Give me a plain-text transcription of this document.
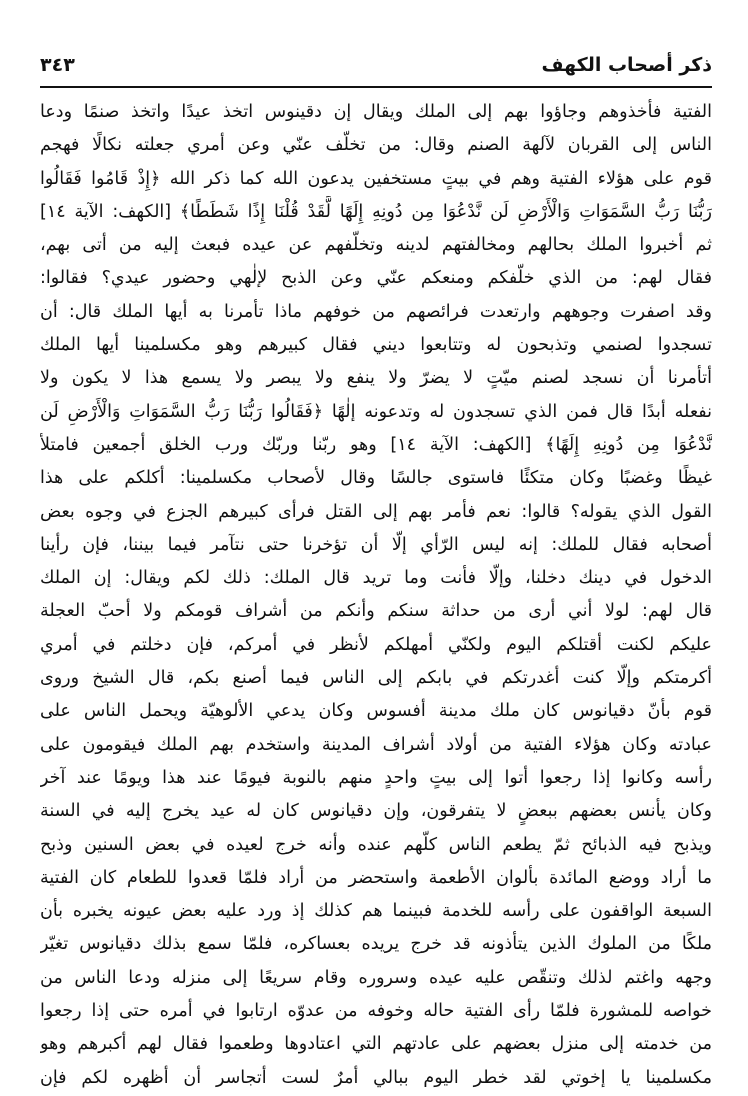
ذكر أصحاب الكهف
٣٤٣
الفتية فأخذوهم وجاؤوا بهم إلى الملك ويقال إن دقينوس اتخذ عيدًا واتخذ صنمًا ودعا
الناس إلى القربان لآلهة الصنم وقال: من تخلّف عنّي وعن أمري جعلته نكالًا فهجم
قوم على هؤلاء الفتية وهم في بيتٍ مستخفين يدعون الله كما ذكر الله ﴿إِذْ قَامُوا فَقَالُوا
رَبُّنَا رَبُّ السَّمَوَاتِ وَالْأَرْضِ لَن نَّدْعُوَا مِن دُونِهِ إِلَهًا لَّقَدْ قُلْنَا إِذًا شَطَطًا﴾ [الكهف: الآية ١٤]
ثم أخبروا الملك بحالهم ومخالفتهم لدينه وتخلّفهم عن عيده فبعث إليه من أتى بهم،
فقال لهم: من الذي خلّفكم ومنعكم عنّي وعن الذبح لإلٰهي وحضور عيدي؟ فقالوا:
وقد اصفرت وجوههم وارتعدت فرائصهم من خوفهم ماذا تأمرنا به أيها الملك قال: أن
تسجدوا لصنمي وتذبحون له وتتابعوا ديني فقال كبيرهم وهو مكسلمينا أيها الملك
أتأمرنا أن نسجد لصنم ميّتٍ لا يضرّ ولا ينفع ولا يبصر ولا يسمع هذا لا يكون ولا
نفعله أبدًا قال فمن الذي تسجدون له وتدعونه إلٰهًا ﴿فَقَالُوا رَبُّنَا رَبُّ السَّمَوَاتِ وَالْأَرْضِ لَن
نَّدْعُوَا مِن دُونِهِ إِلَهًا﴾ [الكهف: الآية ١٤] وهو ربّنا وربّك ورب الخلق أجمعين فامتلأ
غيظًا وغضبًا وكان متكئًا فاستوى جالسًا وقال لأصحاب مكسلمينا: أكلكم على هذا
القول الذي يقوله؟ قالوا: نعم فأمر بهم إلى القتل فرأى كبيرهم الجزع في وجوه بعض
أصحابه فقال للملك: إنه ليس الرّأي إلّا أن تؤخرنا حتى نتآمر فيما بيننا، فإن رأينا
الدخول في دينك دخلنا، وإلّا فأنت وما تريد قال الملك: ذلك لكم ويقال: إن الملك
قال لهم: لولا أني أرى من حداثة سنكم وأنكم من أشراف قومكم ولا أحبّ العجلة
عليكم لكنت أقتلكم اليوم ولكنّي أمهلكم لأنظر في أمركم، فإن دخلتم في أمري
أكرمتكم وإلّا كنت أغدرتكم في بابكم إلى الناس فيما أصنع بكم، قال الشيخ وروى
قوم بأنّ دقيانوس كان ملك مدينة أفسوس وكان يدعي الألوهيّة ويحمل الناس على
عبادته وكان هؤلاء الفتية من أولاد أشراف المدينة واستخدم بهم الملك فيقومون على
رأسه وكانوا إذا رجعوا أتوا إلى بيتٍ واحدٍ منهم بالنوبة فيومًا عند هذا ويومًا عند آخر
وكان يأنس بعضهم ببعضٍ لا يتفرقون، وإن دقيانوس كان له عيد يخرج إليه في السنة
ويذبح فيه الذبائح ثمّ يطعم الناس كلّهم عنده وأنه خرج لعيده في بعض السنين وذبح
ما أراد ووضع المائدة بألوان الأطعمة واستحضر من أراد فلمّا قعدوا للطعام كان الفتية
السبعة الواقفون على رأسه للخدمة فبينما هم كذلك إذ ورد عليه بعض عيونه يخبره بأن
ملكًا من الملوك الذين يتأذونه قد خرج يريده بعساكره، فلمّا سمع بذلك دقيانوس تغيّر
وجهه واغتم لذلك وتنقّص عليه عيده وسروره وقام سريعًا إلى منزله ودعا الناس من
خواصه للمشورة فلمّا رأى الفتية حاله وخوفه من عدوّه ارتابوا في أمره حتى إذا رجعوا
من خدمته إلى منزل بعضهم على عادتهم التي اعتادوها وطعموا فقال لهم أكبرهم وهو
مكسلمينا يا إخوتي لقد خطر اليوم ببالي أمرٌ لست أتجاسر أن أظهره لكم فإن
